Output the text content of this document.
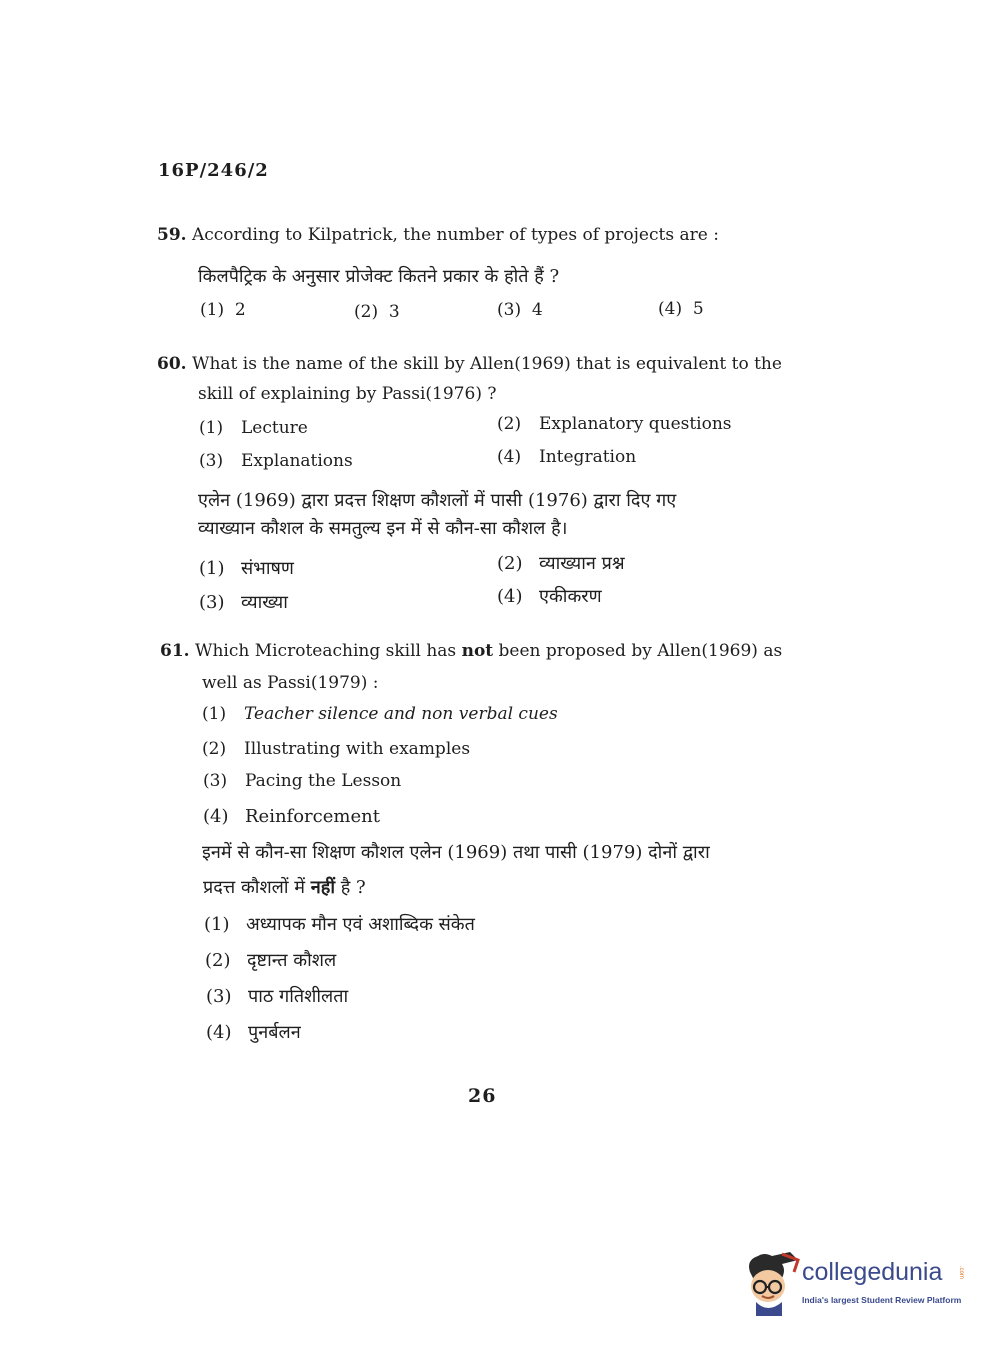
16P/246/2
59. According to Kilpatrick, the number of types of projects are :
किलपैट्रिक के अनुसार प्रोजेक्ट कितने प्रकार के होते हैं ?
(1) 2	(2) 3	(3) 4	(4) 5
60. What is the name of the skill by Allen(1969) that is equivalent to the
skill of explaining by Passi(1976) ?
(1) Lecture	(2) Explanatory questions
(3) Explanations	(4) Integration
एलेन (1969) द्वारा प्रदत्त शिक्षण कौशलों में पासी (1976) द्वारा दिए गए
व्याख्यान कौशल के समतुल्य इन में से कौन-सा कौशल है।
(1) संभाषण	(2) व्याख्यान प्रश्न
(3) व्याख्या	(4) एकीकरण
61. Which Microteaching skill has not been proposed by Allen(1969) as
well as Passi(1979) :
(1) Teacher silence and non verbal cues
(2) Illustrating with examples
(3) Pacing the Lesson
(4) Reinforcement
इनमें से कौन-सा शिक्षण कौशल एलेन (1969) तथा पासी (1979) दोनों द्वारा
प्रदत्त कौशलों में नहीं है ?
(1) अध्यापक मौन एवं अशाब्दिक संकेत
(2) दृष्टान्त कौशल
(3) पाठ गतिशीलता
(4) पुनर्बलन
26
collegedunia	.com
India's largest Student Review Platform
